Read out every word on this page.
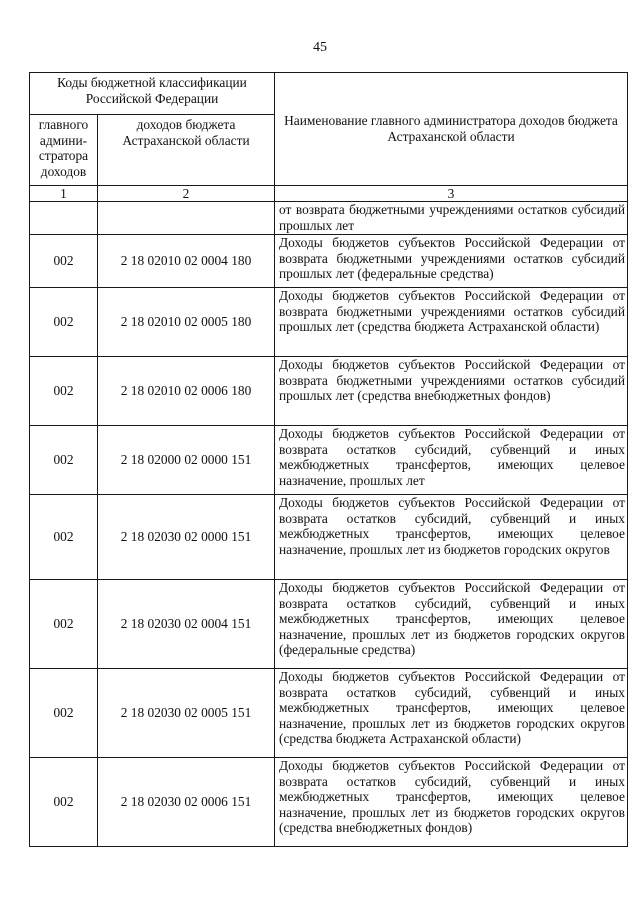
45
Коды бюджетной классификации Российской Федерации		Наименование главного администратора доходов бюджета Астраханской области
главного админи-стратора доходов	доходов бюджета Астраханской области	
1	2	3
		от возврата бюджетными учреждениями остатков субсидий прошлых лет
002	2 18 02010 02 0004 180	Доходы бюджетов субъектов Российской Федерации от возврата бюджетными учреждениями остатков субсидий прошлых лет (федеральные средства)
002	2 18 02010 02 0005 180	Доходы бюджетов субъектов Российской Федерации от возврата бюджетными учреждениями остатков субсидий прошлых лет (средства бюджета Астраханской области)
002	2 18 02010 02 0006 180	Доходы бюджетов субъектов Российской Федерации от возврата бюджетными учреждениями остатков субсидий прошлых лет (средства внебюджетных фондов)
002	2 18 02000 02 0000 151	Доходы бюджетов субъектов Российской Федерации от возврата остатков субсидий, субвенций и иных межбюджетных трансфертов, имеющих целевое назначение, прошлых лет
002	2 18 02030 02 0000 151	Доходы бюджетов субъектов Российской Федерации от возврата остатков субсидий, субвенций и иных межбюджетных трансфертов, имеющих целевое назначение, прошлых лет из бюджетов городских округов
002	2 18 02030 02 0004 151	Доходы бюджетов субъектов Российской Федерации от возврата остатков субсидий, субвенций и иных межбюджетных трансфертов, имеющих целевое назначение, прошлых лет из бюджетов городских округов (федеральные средства)
002	2 18 02030 02 0005 151	Доходы бюджетов субъектов Российской Федерации от возврата остатков субсидий, субвенций и иных межбюджетных трансфертов, имеющих целевое назначение, прошлых лет из бюджетов городских округов (средства бюджета Астраханской области)
002	2 18 02030 02 0006 151	Доходы бюджетов субъектов Российской Федерации от возврата остатков субсидий, субвенций и иных межбюджетных трансфертов, имеющих целевое назначение, прошлых лет из бюджетов городских округов (средства внебюджетных фондов)
